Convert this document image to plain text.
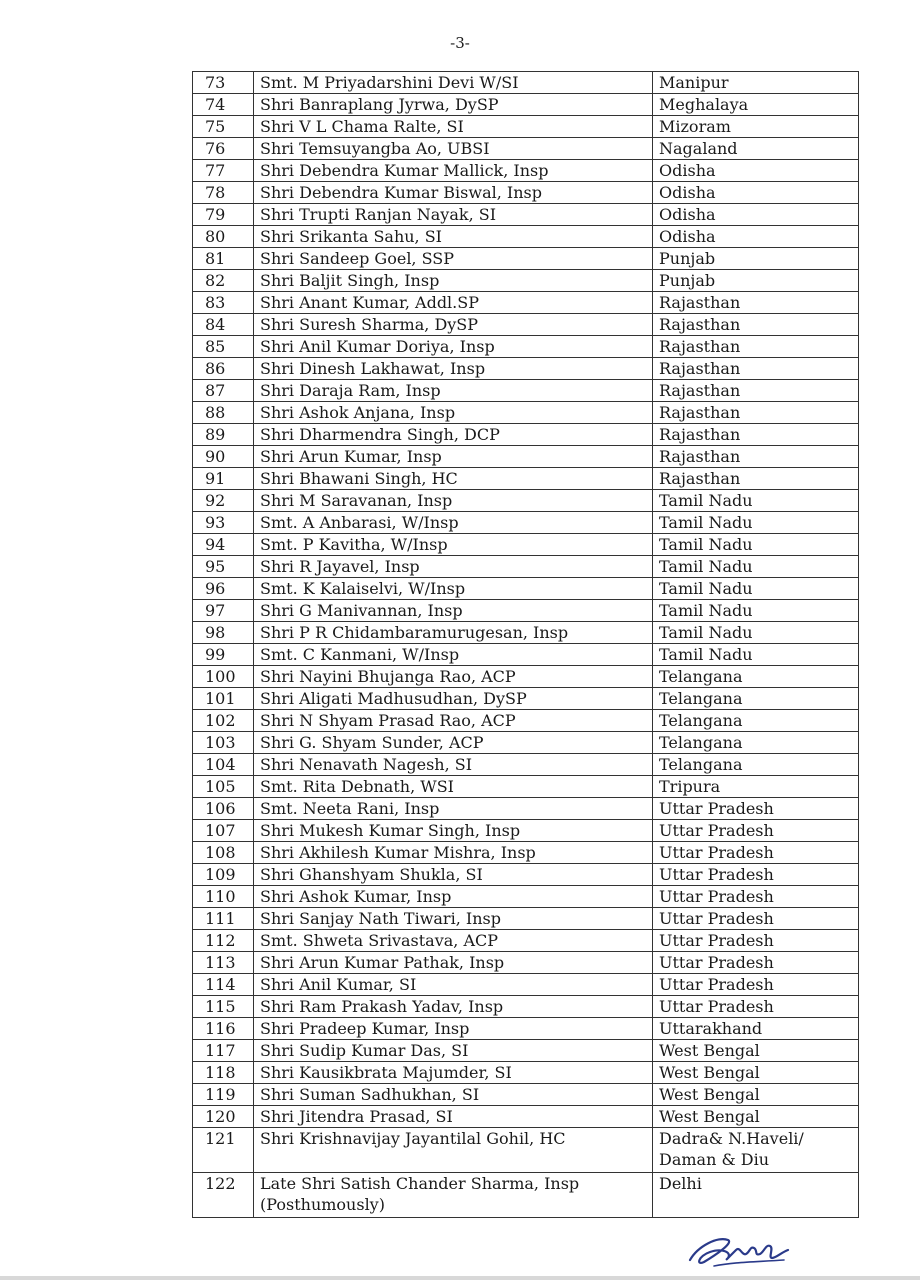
-3-
73	Smt. M Priyadarshini Devi W/SI	Manipur
74	Shri Banraplang Jyrwa, DySP	Meghalaya
75	Shri V L Chama Ralte, SI	Mizoram
76	Shri Temsuyangba Ao, UBSI	Nagaland
77	Shri Debendra Kumar Mallick, Insp	Odisha
78	Shri Debendra Kumar Biswal, Insp	Odisha
79	Shri Trupti Ranjan Nayak, SI	Odisha
80	Shri Srikanta Sahu, SI	Odisha
81	Shri Sandeep Goel, SSP	Punjab
82	Shri Baljit Singh, Insp	Punjab
83	Shri Anant Kumar, Addl.SP	Rajasthan
84	Shri Suresh Sharma, DySP	Rajasthan
85	Shri Anil Kumar Doriya, Insp	Rajasthan
86	Shri Dinesh Lakhawat, Insp	Rajasthan
87	Shri Daraja Ram, Insp	Rajasthan
88	Shri Ashok Anjana, Insp	Rajasthan
89	Shri Dharmendra Singh, DCP	Rajasthan
90	Shri Arun Kumar, Insp	Rajasthan
91	Shri Bhawani Singh, HC	Rajasthan
92	Shri M Saravanan, Insp	Tamil Nadu
93	Smt. A Anbarasi, W/Insp	Tamil Nadu
94	Smt. P Kavitha, W/Insp	Tamil Nadu
95	Shri R Jayavel, Insp	Tamil Nadu
96	Smt. K Kalaiselvi, W/Insp	Tamil Nadu
97	Shri G Manivannan, Insp	Tamil Nadu
98	Shri P R Chidambaramurugesan, Insp	Tamil Nadu
99	Smt. C Kanmani, W/Insp	Tamil Nadu
100	Shri Nayini Bhujanga Rao, ACP	Telangana
101	Shri Aligati Madhusudhan, DySP	Telangana
102	Shri N Shyam Prasad Rao, ACP	Telangana
103	Shri G. Shyam Sunder, ACP	Telangana
104	Shri Nenavath Nagesh, SI	Telangana
105	Smt. Rita Debnath, WSI	Tripura
106	Smt. Neeta Rani, Insp	Uttar Pradesh
107	Shri Mukesh Kumar Singh, Insp	Uttar Pradesh
108	Shri Akhilesh Kumar Mishra, Insp	Uttar Pradesh
109	Shri Ghanshyam Shukla, SI	Uttar Pradesh
110	Shri Ashok Kumar, Insp	Uttar Pradesh
111	Shri Sanjay Nath Tiwari, Insp	Uttar Pradesh
112	Smt. Shweta Srivastava, ACP	Uttar Pradesh
113	Shri Arun Kumar Pathak, Insp	Uttar Pradesh
114	Shri Anil Kumar, SI	Uttar Pradesh
115	Shri Ram Prakash Yadav, Insp	Uttar Pradesh
116	Shri Pradeep Kumar, Insp	Uttarakhand
117	Shri Sudip Kumar Das, SI	West Bengal
118	Shri Kausikbrata Majumder, SI	West Bengal
119	Shri Suman Sadhukhan, SI	West Bengal
120	Shri Jitendra Prasad, SI	West Bengal
121	Shri Krishnavijay Jayantilal Gohil, HC	Dadra& N.Haveli/ Daman & Diu
122	Late Shri Satish Chander Sharma, Insp (Posthumously)	Delhi
